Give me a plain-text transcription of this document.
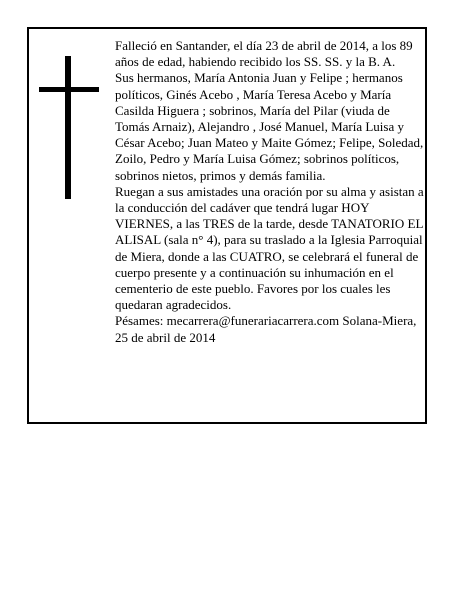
Falleció en Santander, el día 23 de abril de 2014, a los 89 años de edad, habiendo recibido los SS. SS. y la B. A.

Sus hermanos, María Antonia Juan y Felipe ; hermanos políticos, Ginés Acebo , María Teresa Acebo y María Casilda Higuera ; sobrinos, María del Pilar (viuda de Tomás Arnaiz), Alejandro , José Manuel, María Luisa y César Acebo; Juan Mateo y Maite Gómez; Felipe, Soledad, Zoilo, Pedro y María Luisa Gómez; sobrinos políticos, sobrinos nietos, primos y demás familia.

Ruegan a sus amistades una oración por su alma y asistan a la conducción del cadáver que tendrá lugar HOY VIERNES, a las TRES de la tarde, desde TANATORIO EL ALISAL (sala n° 4), para su traslado a la Iglesia Parroquial de Miera, donde a las CUATRO, se celebrará el funeral de cuerpo presente y a continuación su inhumación en el cementerio de este pueblo. Favores por los cuales les quedaran agradecidos.

Pésames: mecarrera@funerariacarrera.com Solana-Miera, 25 de abril de 2014
